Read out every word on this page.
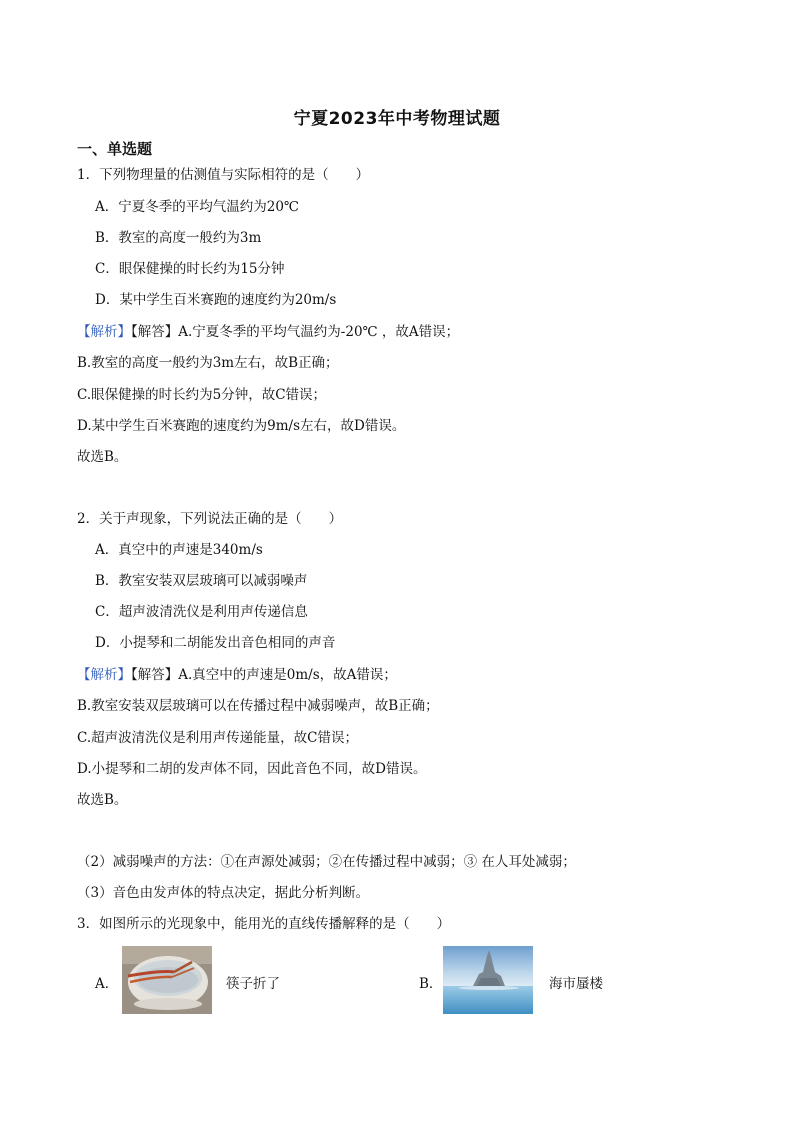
宁夏2023年中考物理试题
一、单选题
1．下列物理量的估测值与实际相符的是（　　）
A．宁夏冬季的平均气温约为20℃
B．教室的高度一般约为3m
C．眼保健操的时长约为15分钟
D．某中学生百米赛跑的速度约为20m/s
【解析】【解答】A.宁夏冬季的平均气温约为-20℃ ，故A错误；
B.教室的高度一般约为3m左右，故B正确；
C.眼保健操的时长约为5分钟，故C错误；
D.某中学生百米赛跑的速度约为9m/s左右，故D错误。
故选B。
2．关于声现象，下列说法正确的是（　　）
A．真空中的声速是340m/s
B．教室安装双层玻璃可以减弱噪声
C．超声波清洗仪是利用声传递信息
D．小提琴和二胡能发出音色相同的声音
【解析】【解答】A.真空中的声速是0m/s，故A错误；
B.教室安装双层玻璃可以在传播过程中减弱噪声，故B正确；
C.超声波清洗仪是利用声传递能量，故C错误；
D.小提琴和二胡的发声体不同，因此音色不同，故D错误。
故选B。
（2）减弱噪声的方法：①在声源处减弱；②在传播过程中减弱；③ 在人耳处减弱；
（3）音色由发声体的特点决定，据此分析判断。
3．如图所示的光现象中，能用光的直线传播解释的是（　　）
A．	筷子折了	B．	海市蜃楼
